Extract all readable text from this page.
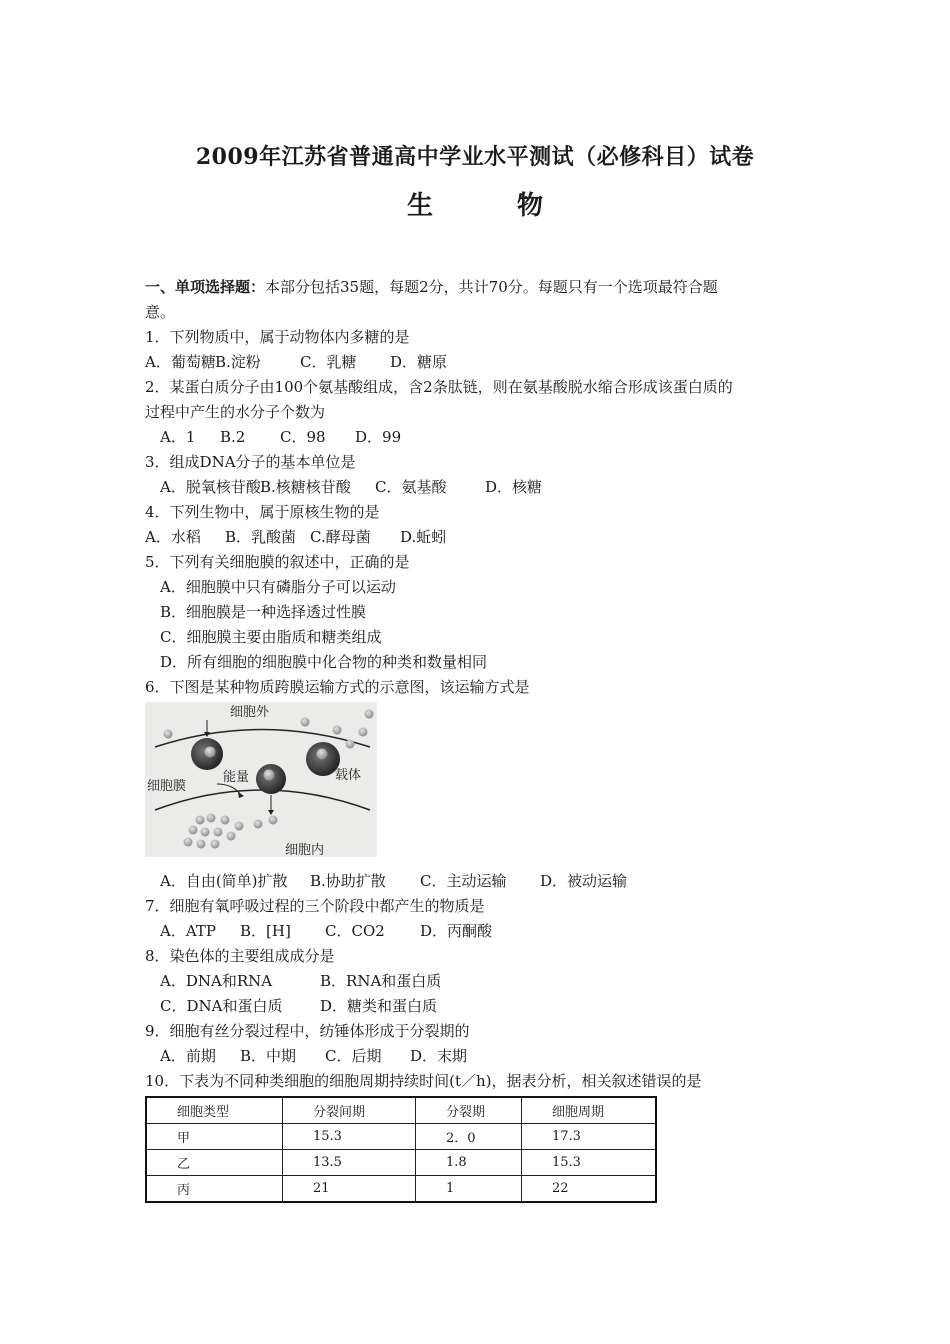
2009年江苏省普通高中学业水平测试（必修科目）试卷
生	物
一、单项选择题：本部分包括35题，每题2分，共计70分。每题只有一个选项最符合题
意。
1．下列物质中，属于动物体内多糖的是
A．葡萄糖B.淀粉	C．乳糖 D．糖原
2．某蛋白质分子由100个氨基酸组成，含2条肽链，则在氨基酸脱水缩合形成该蛋白质的
过程中产生的水分子个数为
A．1 B.2 C．98 D．99
3．组成DNA分子的基本单位是
A．脱氧核苷酸B.核糖核苷酸 C．氨基酸	D．核糖
4．下列生物中，属于原核生物的是
A．水稻 B．乳酸菌 C.酵母菌 D.蚯蚓
5．下列有关细胞膜的叙述中，正确的是
A．细胞膜中只有磷脂分子可以运动
B．细胞膜是一种选择透过性膜
C．细胞膜主要由脂质和糖类组成
D．所有细胞的细胞膜中化合物的种类和数量相同
6．下图是某种物质跨膜运输方式的示意图，该运输方式是
细胞外
细胞膜
能量	载体
细胞内
A．自由(简单)扩散 B.协助扩散 C．主动运输 D．被动运输
7．细胞有氧呼吸过程的三个阶段中都产生的物质是
A．ATP B．[H] C．CO2 D．丙酮酸
8．染色体的主要组成成分是
A．DNA和RNA	B．RNA和蛋白质
C．DNA和蛋白质	D．糖类和蛋白质
9．细胞有丝分裂过程中，纺锤体形成于分裂期的
A．前期 B．中期 C．后期 D．末期
10．下表为不同种类细胞的细胞周期持续时间(t／h)，据表分析，相关叙述错误的是
细胞类型	分裂间期	分裂期	细胞周期
甲	15.3	2．0	17.3
乙	13.5	1.8	15.3
丙	21	1	22
